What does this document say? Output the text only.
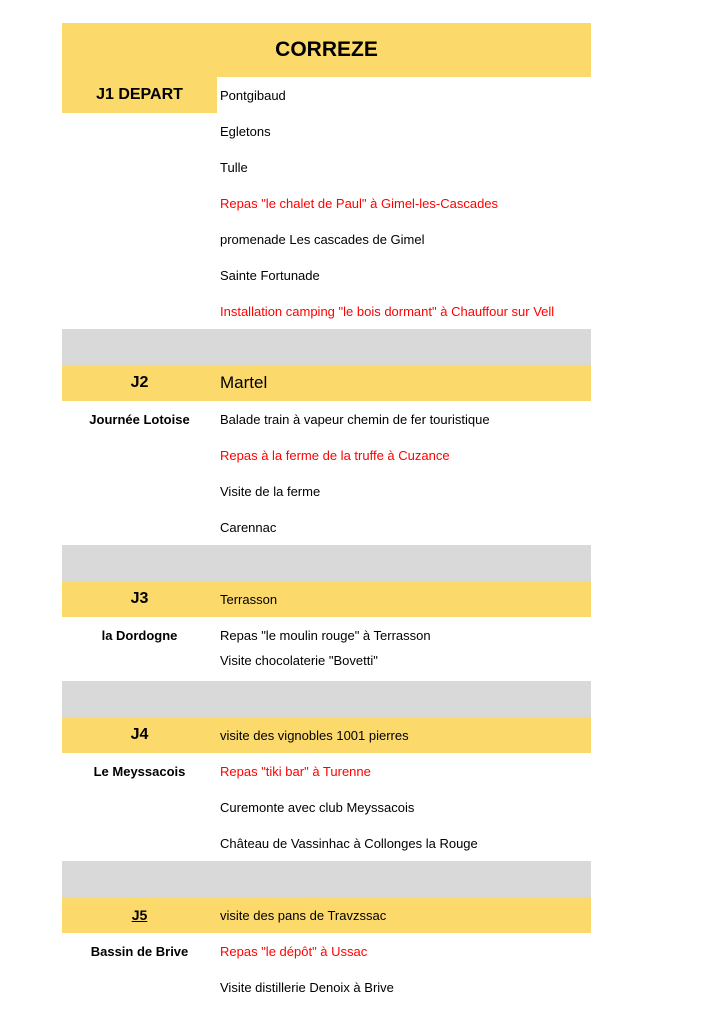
CORREZE
J1 DEPART	Pontgibaud
Egletons
Tulle
Repas "le chalet de Paul" à Gimel-les-Cascades
promenade Les cascades de Gimel
Sainte Fortunade
Installation camping "le bois dormant" à Chauffour sur Vell
J2	Martel
Journée Lotoise	Balade train à vapeur chemin de fer touristique
Repas à la ferme de la truffe à Cuzance
Visite de la ferme
Carennac
J3	Terrasson
la Dordogne	Repas "le moulin rouge" à Terrasson
Visite chocolaterie "Bovetti"
J4	visite des vignobles 1001 pierres
Le Meyssacois	Repas "tiki bar" à Turenne
Curemonte avec club Meyssacois
Château de Vassinhac à Collonges la Rouge
J5	visite des pans de Travzssac
Bassin de Brive	Repas "le dépôt" à Ussac
Visite distillerie Denoix à Brive
